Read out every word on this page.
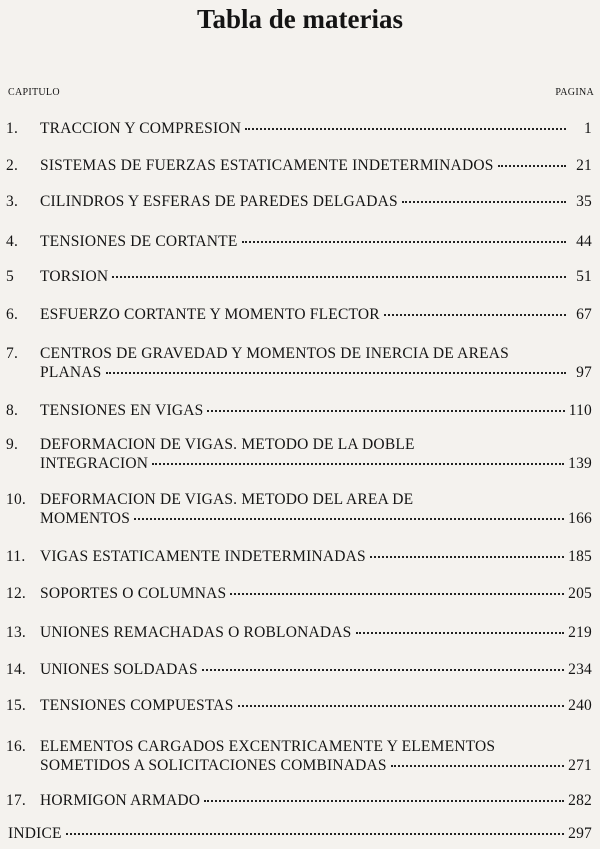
Tabla de materias
CAPITULO	PAGINA
1.	TRACCION Y COMPRESION	1
2.	SISTEMAS DE FUERZAS ESTATICAMENTE INDETERMINADOS	21
3.	CILINDROS Y ESFERAS DE PAREDES DELGADAS	35
4.	TENSIONES DE CORTANTE	44
5	TORSION	51
6.	ESFUERZO CORTANTE Y MOMENTO FLECTOR	67
7.	CENTROS DE GRAVEDAD Y MOMENTOS DE INERCIA DE AREAS
PLANAS	97
8.	TENSIONES EN VIGAS	110
9.	DEFORMACION DE VIGAS. METODO DE LA DOBLE
INTEGRACION	139
10. DEFORMACION DE VIGAS. METODO DEL AREA DE
MOMENTOS	166
11. VIGAS ESTATICAMENTE INDETERMINADAS	185
12. SOPORTES O COLUMNAS	205
13. UNIONES REMACHADAS O ROBLONADAS	219
14. UNIONES SOLDADAS	234
15. TENSIONES COMPUESTAS	240
16. ELEMENTOS CARGADOS EXCENTRICAMENTE Y ELEMENTOS
SOMETIDOS A SOLICITACIONES COMBINADAS	271
17. HORMIGON ARMADO	282
INDICE	297
